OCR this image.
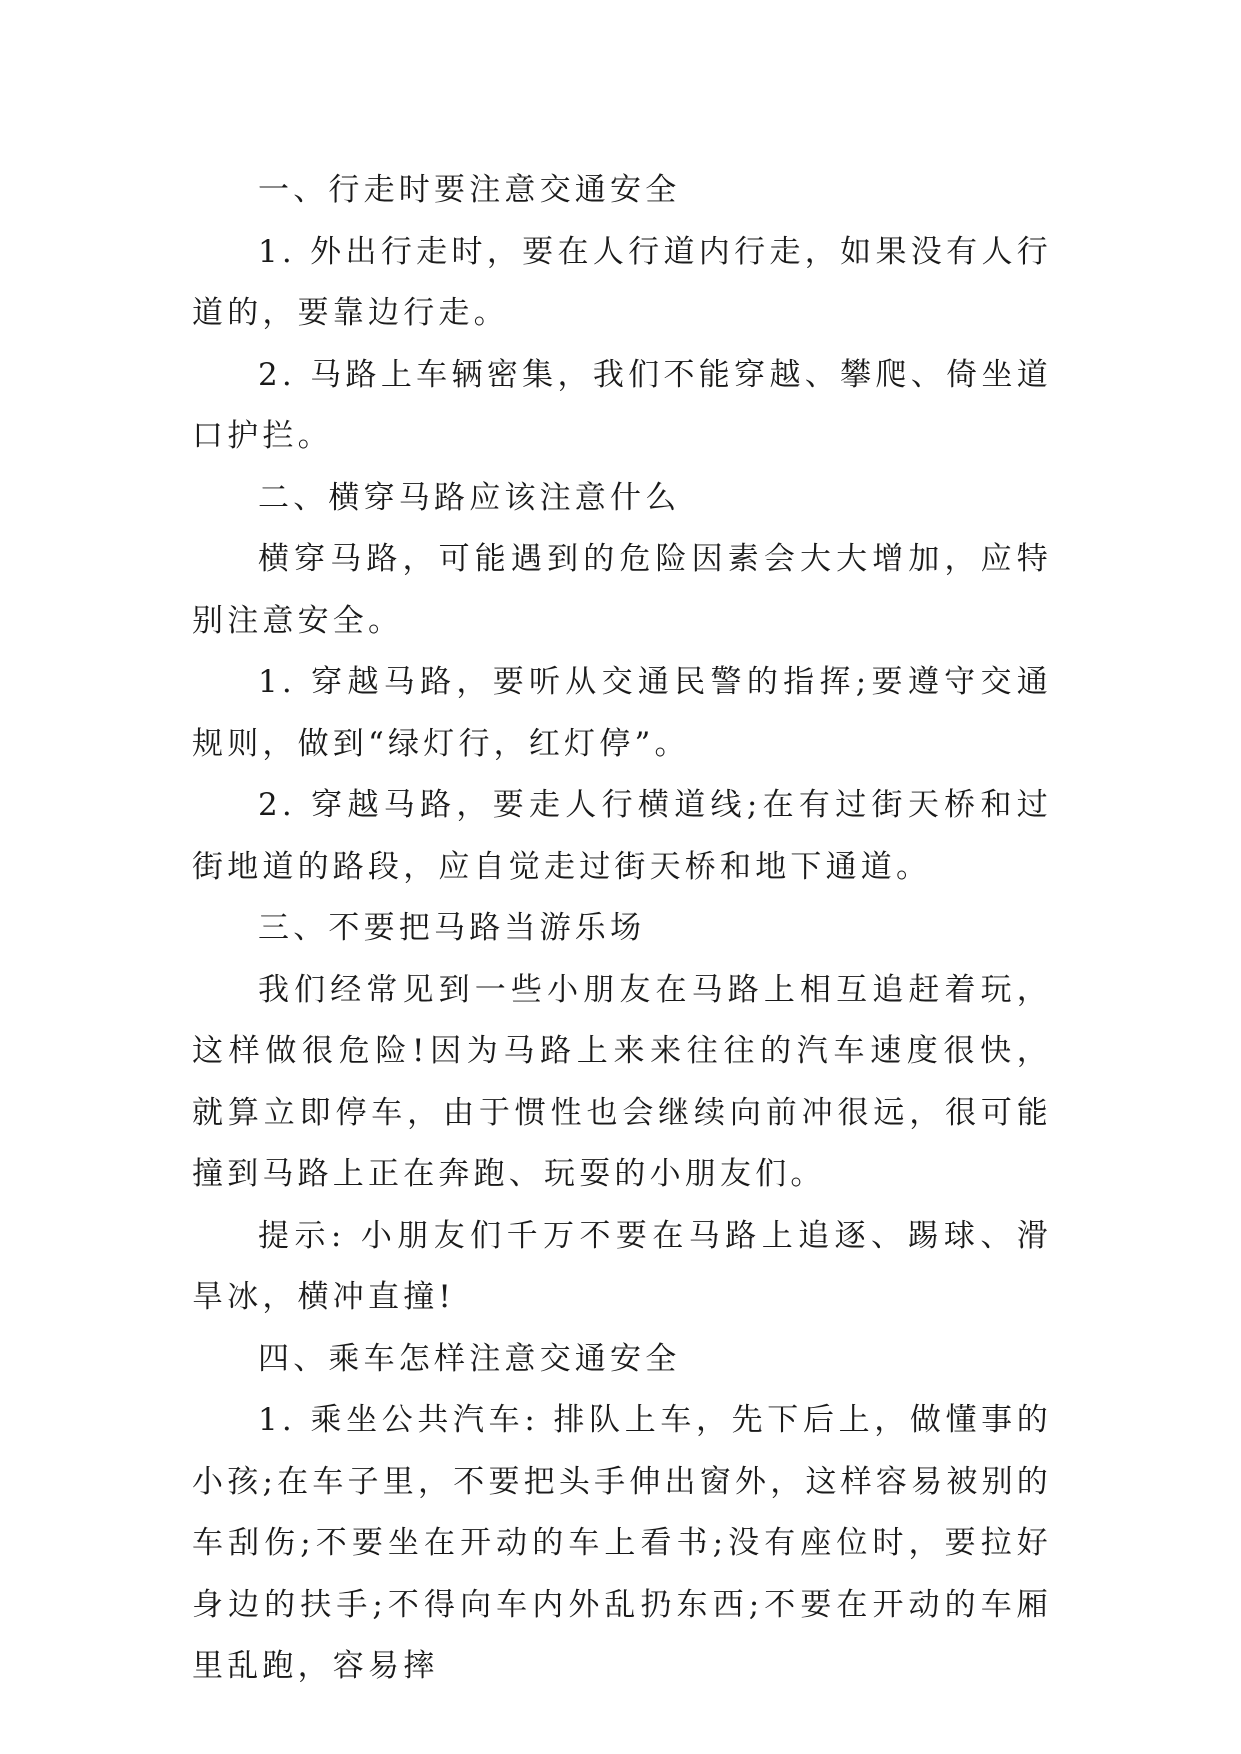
一、行走时要注意交通安全

1. 外出行走时，要在人行道内行走，如果没有人行道的，要靠边行走。

2. 马路上车辆密集，我们不能穿越、攀爬、倚坐道口护拦。

二、横穿马路应该注意什么

横穿马路，可能遇到的危险因素会大大增加，应特别注意安全。

1. 穿越马路，要听从交通民警的指挥;要遵守交通规则，做到“绿灯行，红灯停”。

2. 穿越马路，要走人行横道线;在有过街天桥和过街地道的路段，应自觉走过街天桥和地下通道。

三、不要把马路当游乐场

我们经常见到一些小朋友在马路上相互追赶着玩，这样做很危险!因为马路上来来往往的汽车速度很快，就算立即停车，由于惯性也会继续向前冲很远，很可能撞到马路上正在奔跑、玩耍的小朋友们。

提示: 小朋友们千万不要在马路上追逐、踢球、滑旱冰，横冲直撞!

四、乘车怎样注意交通安全

1. 乘坐公共汽车: 排队上车，先下后上，做懂事的小孩;在车子里，不要把头手伸出窗外，这样容易被别的车刮伤;不要坐在开动的车上看书;没有座位时，要拉好身边的扶手;不得向车内外乱扔东西;不要在开动的车厢里乱跑，容易摔
